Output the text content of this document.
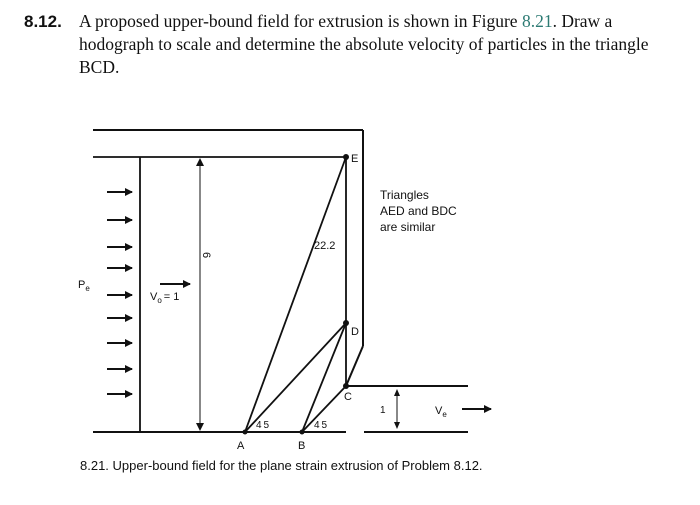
8.12. A proposed upper-bound field for extrusion is shown in Figure 8.21. Draw a hodograph to scale and determine the absolute velocity of particles in the triangle BCD.
6
$P_e$
$V_o = 1$
E
D
C
A	B
22.2
45	45
1	$V_e$
Triangles
AED and BDC
are similar
8.21. Upper-bound field for the plane strain extrusion of Problem 8.12.
